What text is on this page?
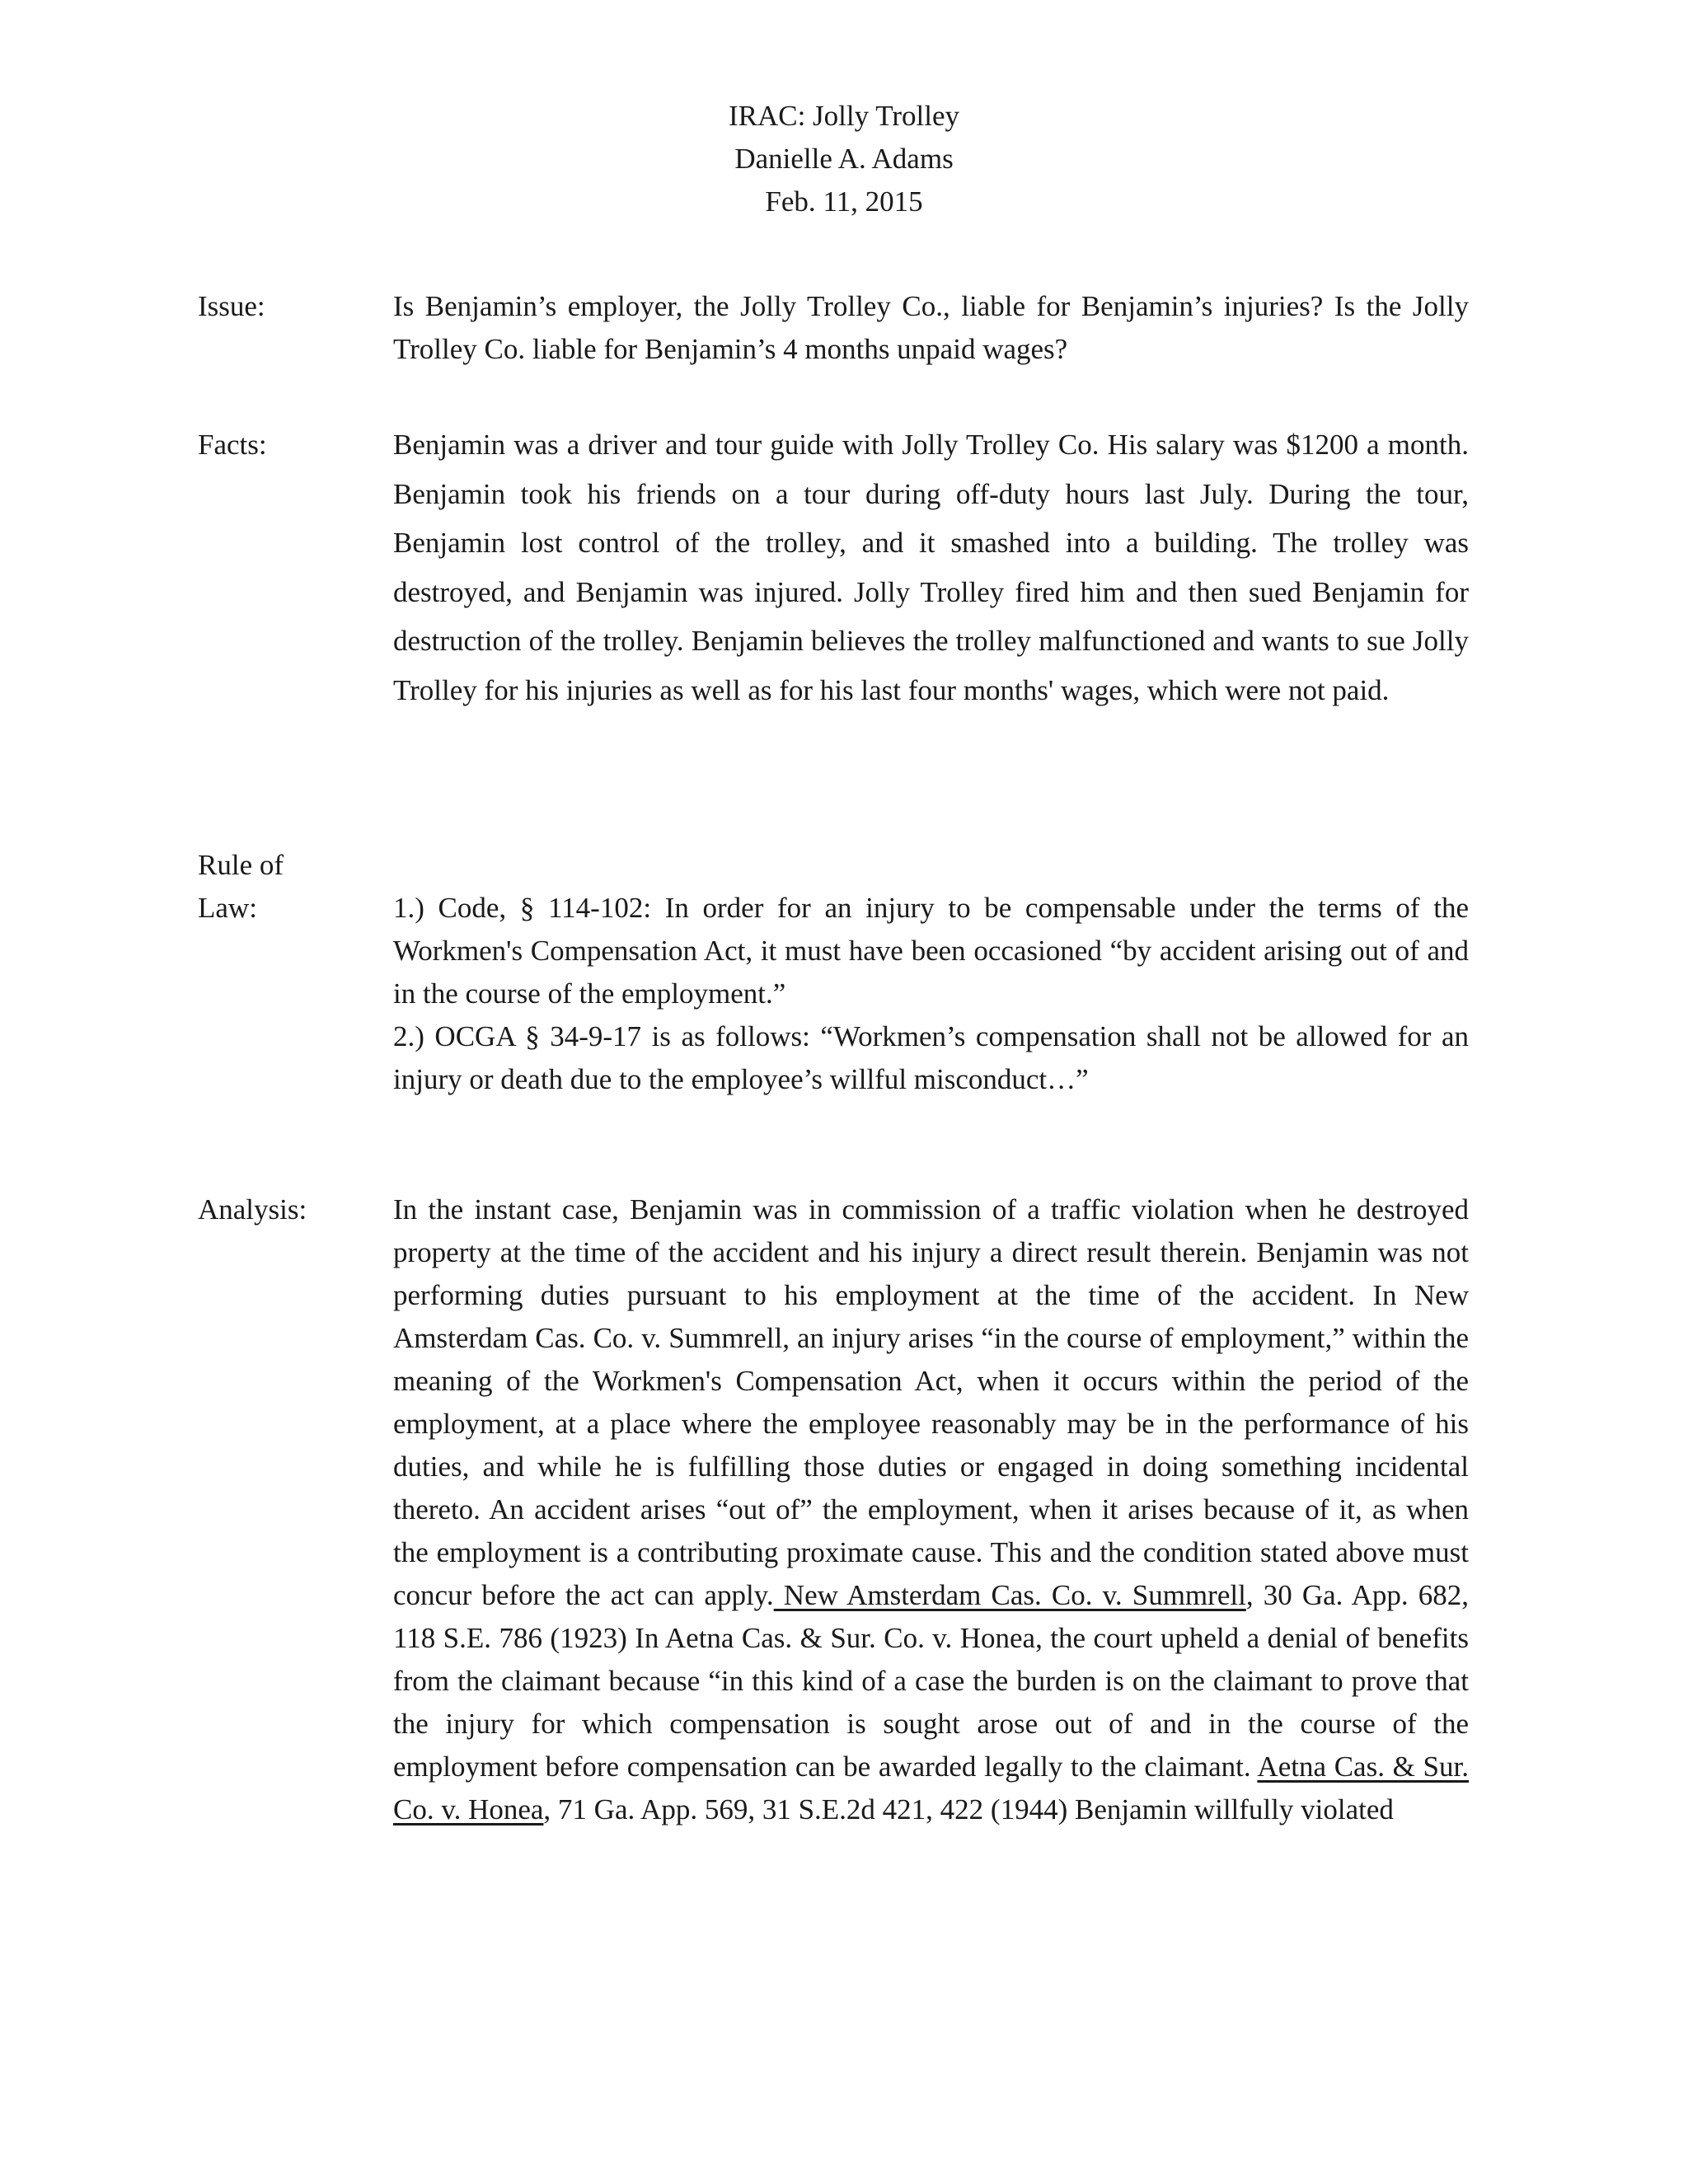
IRAC: Jolly Trolley
Danielle A. Adams
Feb. 11, 2015
Issue:	Is Benjamin’s employer, the Jolly Trolley Co., liable for Benjamin’s injuries? Is the Jolly Trolley Co. liable for Benjamin’s 4 months unpaid wages?

Facts:	Benjamin was a driver and tour guide with Jolly Trolley Co. His salary was $1200 a month. Benjamin took his friends on a tour during off-duty hours last July. During the tour, Benjamin lost control of the trolley, and it smashed into a building. The trolley was destroyed, and Benjamin was injured. Jolly Trolley fired him and then sued Benjamin for destruction of the trolley. Benjamin believes the trolley malfunctioned and wants to sue Jolly Trolley for his injuries as well as for his last four months' wages, which were not paid.

Rule of
Law:	1.) Code, § 114-102: In order for an injury to be compensable under the terms of the Workmen's Compensation Act, it must have been occasioned “by accident arising out of and in the course of the employment.”

2.) OCGA § 34-9-17 is as follows: “Workmen’s compensation shall not be allowed for an injury or death due to the employee’s willful misconduct…”

Analysis:	In the instant case, Benjamin was in commission of a traffic violation when he destroyed property at the time of the accident and his injury a direct result therein. Benjamin was not performing duties pursuant to his employment at the time of the accident. In New Amsterdam Cas. Co. v. Summrell, an injury arises “in the course of employment,” within the meaning of the Workmen's Compensation Act, when it occurs within the period of the employment, at a place where the employee reasonably may be in the performance of his duties, and while he is fulfilling those duties or engaged in doing something incidental thereto. An accident arises “out of” the employment, when it arises because of it, as when the employment is a contributing proximate cause. This and the condition stated above must concur before the act can apply. New Amsterdam Cas. Co. v. Summrell, 30 Ga. App. 682, 118 S.E. 786 (1923) In Aetna Cas. & Sur. Co. v. Honea, the court upheld a denial of benefits from the claimant because “in this kind of a case the burden is on the claimant to prove that the injury for which compensation is sought arose out of and in the course of the employment before compensation can be awarded legally to the claimant. Aetna Cas. & Sur. Co. v. Honea, 71 Ga. App. 569, 31 S.E.2d 421, 422 (1944) Benjamin willfully violated
